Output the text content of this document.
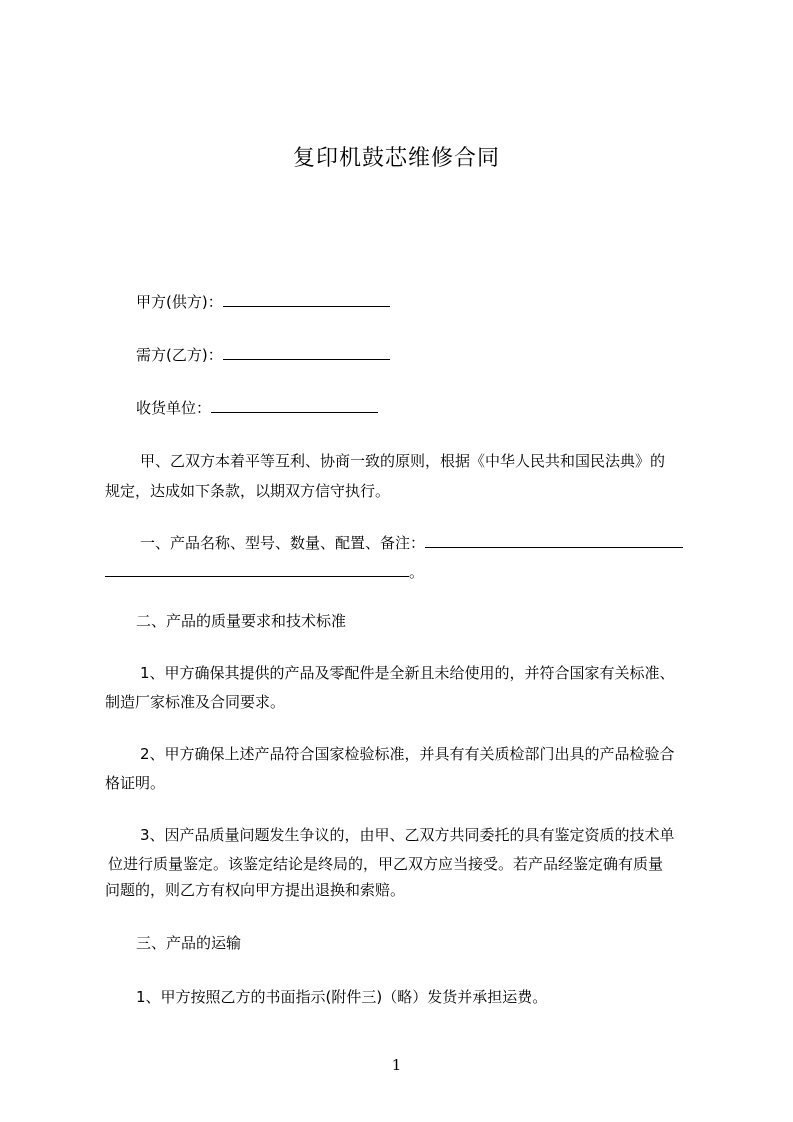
复印机鼓芯维修合同
甲方(供方)：
需方(乙方)：
收货单位：
甲、乙双方本着平等互利、协商一致的原则，根据《中华人民共和国民法典》的
规定，达成如下条款，以期双方信守执行。
一、产品名称、型号、数量、配置、备注：
。
二、产品的质量要求和技术标准
1、甲方确保其提供的产品及零配件是全新且未给使用的，并符合国家有关标准、
制造厂家标准及合同要求。
2、甲方确保上述产品符合国家检验标准，并具有有关质检部门出具的产品检验合
格证明。
3、因产品质量问题发生争议的，由甲、乙双方共同委托的具有鉴定资质的技术单
位进行质量鉴定。该鉴定结论是终局的，甲乙双方应当接受。若产品经鉴定确有质量
问题的，则乙方有权向甲方提出退换和索赔。
三、产品的运输
1、甲方按照乙方的书面指示(附件三)（略）发货并承担运费。
1
